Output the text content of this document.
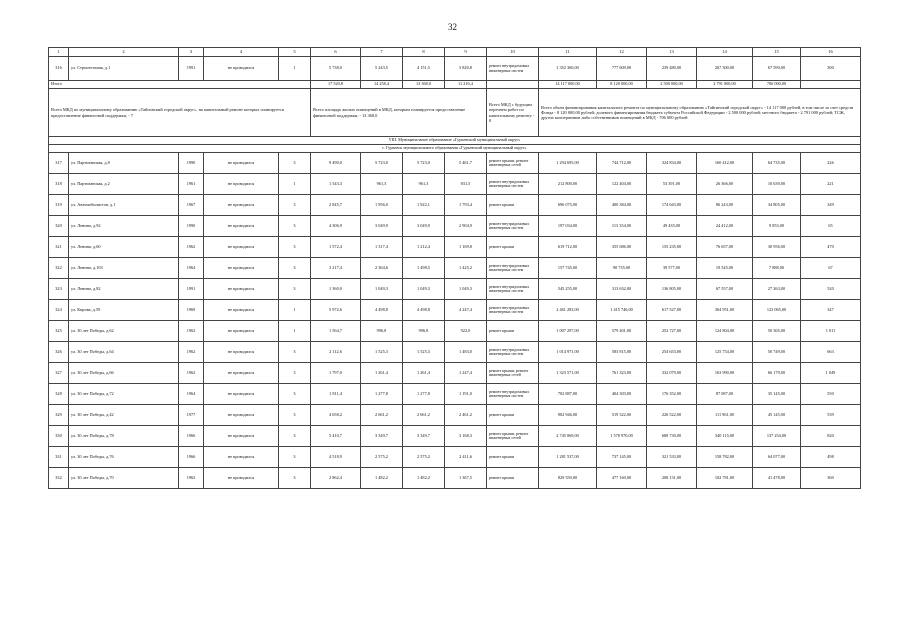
32
1	2	3	4	5	6	7	8	9	10	11	12	13	14	15	16
316	ул. Строительная, д.1	1991	не проводился	1	5 738,0	5 243,5	4 151,5	3 820,8	ремонт внутридомовых инженерных систем	1 352 360,00	777 609,00	239 480,00	267 300,00	67 590,00	300
Итого					17 520,8	14 258,4	13 368,0	11 216,4		14 117 000,00	8 120 000,00	2 500 000,00	2 791 000,00	706 000,00	
Всего МКД по муниципальному образованию «Тайгинский городской округ», на капитальный ремонт которых планируется предоставление финансовой поддержки, - 7					Всего площадь жилых помещений в МКД, которым планируется предоставление финансовой поддержки, - 13 368,0				Всего МКД с будущим перечнем работ по капитальному ремонту - 0	Всего объем финансирования капитального ремонта по муниципальному образованию «Тайгинский городской округ» - 14 117 000 рублей, в том числе за счет средств Фонда - 8 120 000,00 рублей; долевого финансирования бюджета субъекта Российской Федерации - 2 500 000 рублей; местного бюджета - 2 791 000 рублей; ТСЖ, других кооперативов либо собственников помещений в МКД - 706 000 рублей					
VIII. Муниципальное образование «Гурьевский муниципальный округ»															
г. Гурьевск муниципального образования «Гурьевский муниципальный округ»															
317	ул. Партизанская, д.8	1990	не проводился	3	9 490,0	5 723,0	5 723,0	5 461,7	ремонт крыши, ремонт инженерных сетей	1 294 695,00	744 712,00	324 834,00	160 412,00	64 735,00	226
318	ул. Партизанская, д.2	1961	не проводился	1	1 543,3	961,3	961,3	831,5	ремонт внутридомовых инженерных систем	212 800,00	122 404,00	53 391,00	26 366,00	10 639,00	221
319	ул. Автомобилистов, д.1	1967	не проводился	3	2 845,7	1 956,0	1 922,1	1 793,4	ремонт крыши	696 075,00	400 384,00	174 643,00	86 243,00	34 805,00	349
320	ул. Ленина, д.92	1990	не проводился	3	4 306,9	3 049,9	3 049,9	2 904,9	ремонт внутридомовых инженерных систем	197 034,00	113 334,00	49 435,00	24 412,00	9 853,00	65
321	ул. Ленина, д.60	1962	не проводился	3	1 572,4	1 317,4	1 212,4	1 169,8	ремонт крыши	619 712,00	355 686,00	155 235,00	76 657,00	30 956,00	470
322	ул. Ленина, д.103	1964	не проводился	3	3 217,4	2 364,6	1 498,5	1 425,2	ремонт внутридомовых инженерных систем	157 745,00	90 735,00	39 577,00	19 545,00	7 888,00	67
323	ул. Ленина, д.82	1991	не проводился	3	1 360,0	1 049,3	1 049,3	1 049,3	ремонт внутридомовых инженерных систем	545 255,00	313 632,00	136 805,00	67 557,00	27 263,00	520
324	ул. Кирова, д.59	1969	не проводился	1	5 972,6	4 498,8	4 498,8	4 247,4	ремонт внутридомовых инженерных систем	2 461 283,00	1 415 746,00	617 527,00	304 951,00	123 065,00	347
325	ул. 30 лет Победы, д.62	1962	не проводился	1	1 564,7	996,8	996,8	922,0	ремонт крыши	1 007 297,00	579 401,00	252 727,00	124 804,00	50 365,00	1 011
326	ул. 30 лет Победы, д.64	1962	не проводился	3	2 112,6	1 525,3	1 525,3	1 483,0	ремонт внутридомовых инженерных систем	1 014 971,00	583 815,00	254 653,00	125 754,00	50 749,00	663
327	ул. 30 лет Победы, д.66	1962	не проводился	3	1 797,0	1 261,4	1 261,4	1 247,4	ремонт крыши, ремонт инженерных сетей	1 323 571,00	761 323,00	332 079,00	163 990,00	66 179,00	1 049
328	ул. 30 лет Победы, д.72	1964	не проводился	3	1 811,4	1 277,8	1 277,8	1 191,0	ремонт внутридомовых инженерных систем	702 887,00	404 303,00	176 352,00	87 087,00	35 145,00	550
329	ул. 30 лет Победы, д.42	1977	не проводился	3	4 658,2	2 661,2	2 661,2	2 461,2	ремонт крыши	902 946,00	519 322,00	226 522,00	111 961,00	45 145,00	539
330	ул. 30 лет Победы, д.78	1966	не проводился	3	5 410,7	3 349,7	3 349,7	3 168,3	ремонт крыши, ремонт инженерных сетей	2 745 069,00	1 578 970,00	688 730,00	340 115,00	137 254,00	820
331	ул. 30 лет Победы, д.76	1966	не проводился	3	4 518,9	2 575,2	2 575,2	2 411,6	ремонт крыши	1 281 537,00	737 145,00	321 533,00	158 782,00	64 077,00	498
332	ул. 30 лет Победы, д.70	1963	не проводился	3	2 862,4	1 482,2	1 482,2	1 367,5	ремонт крыши	829 550,00	477 160,00	208 131,00	102 781,00	41 478,00	360
